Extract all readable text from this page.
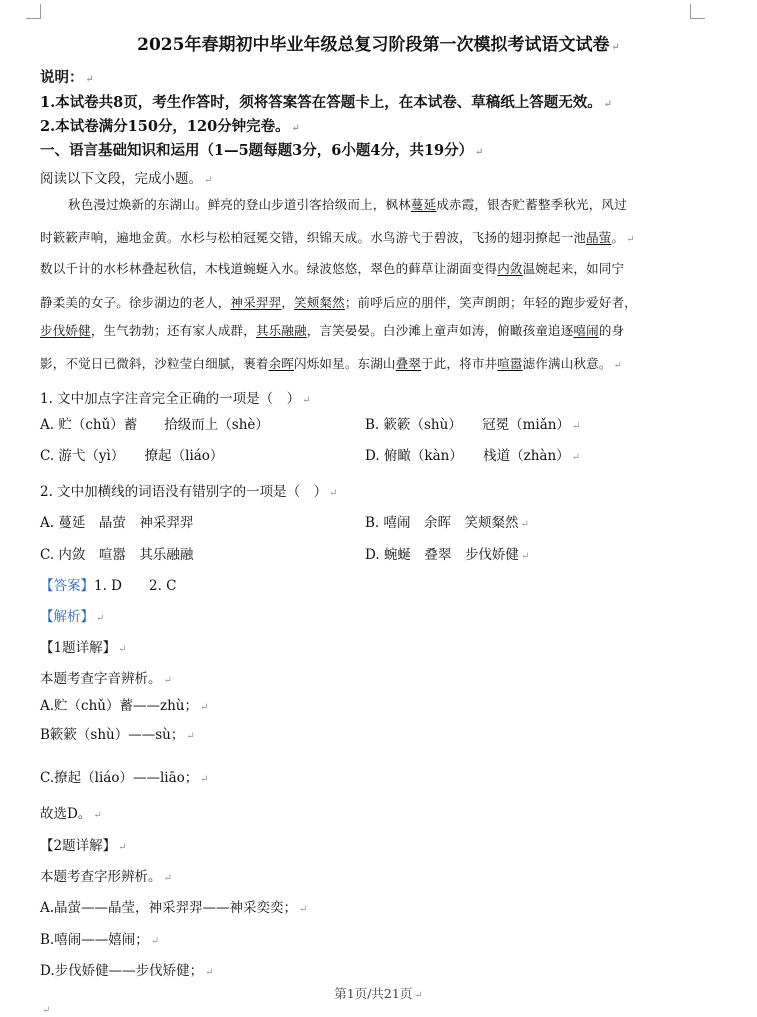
2025年春期初中毕业年级总复习阶段第一次模拟考试语文试卷 ↵
说明： ↵
1.本试卷共8页，考生作答时，须将答案答在答题卡上，在本试卷、草稿纸上答题无效。 ↵
2.本试卷满分150分，120分钟完卷。 ↵
一、语言基础知识和运用（1—5题每题3分，6小题4分，共19分） ↵
阅读以下文段，完成小题。 ↵
秋色漫过焕新的东湖山。鲜亮的登山步道引客拾级而上，枫林蔓延成赤霞，银杏贮蓄整季秋光，风过
时簌簌声响，遍地金黄。水杉与松柏冠冕交错，织锦天成。水鸟游弋于碧波，飞扬的翅羽撩起一池晶萤。 ↵
数以千计的水杉林叠起秋信，木栈道蜿蜒入水。绿波悠悠，翠色的藓草让湖面变得内敛温婉起来，如同宁
静柔美的女子。徐步湖边的老人，神采羿羿，笑颊粲然；前呼后应的朋伴，笑声朗朗；年轻的跑步爱好者，
步伐娇健，生气勃勃；还有家人成群，其乐融融，言笑晏晏。白沙滩上童声如涛，俯瞰孩童追逐嘻闹的身
影，不觉日已微斜，沙粒莹白细腻，裹着余晖闪烁如星。东湖山叠翠于此，将市井喧嚣滤作满山秋意。 ↵
1. 文中加点字注音完全正确的一项是（　） ↵
A. 贮（chǔ）蓄　　拾级而上（shè）	B. 簌簌（shù）　　冠冕（miǎn） ↵
C. 游弋（yì）　　撩起（liáo）	D. 俯瞰（kàn）　　栈道（zhàn） ↵
2. 文中加横线的词语没有错别字的一项是（　） ↵
A. 蔓延　晶萤　神采羿羿	B. 嘻闹　余晖　笑颊粲然 ↵
C. 内敛　喧嚣　其乐融融	D. 蜿蜒　叠翠　步伐娇健 ↵
【答案】1. D　　2. C
【解析】 ↵
【1题详解】 ↵
本题考查字音辨析。 ↵
A.贮（chǔ）蓄——zhù； ↵
B簌簌（shù）——sù； ↵
C.撩起（liáo）——liāo； ↵
故选D。 ↵
【2题详解】 ↵
本题考查字形辨析。 ↵
A.晶萤——晶莹，神采羿羿——神采奕奕； ↵
B.嘻闹——嬉闹； ↵
D.步伐娇健——步伐矫健； ↵
第1页/共21页 ↵
↵
